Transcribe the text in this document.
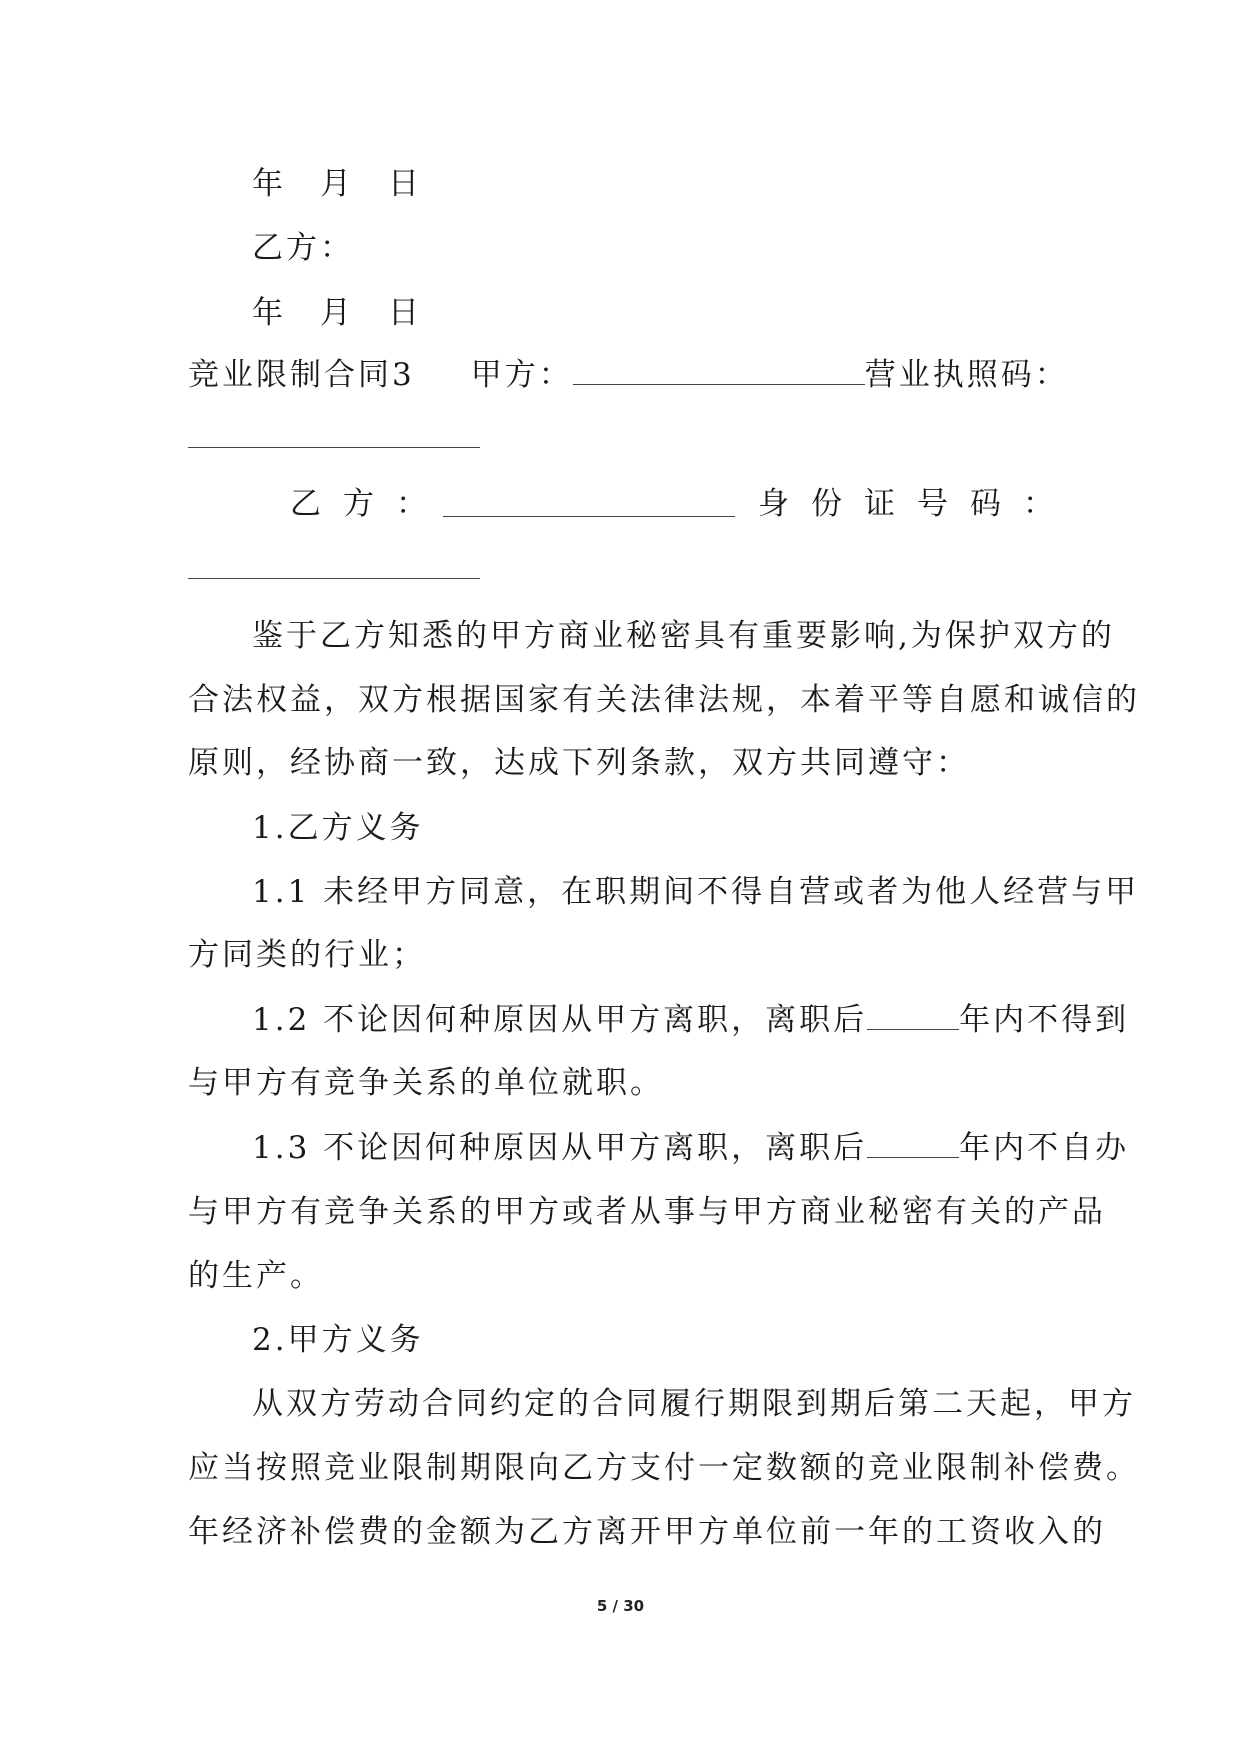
年　月　日
乙方：
年　月　日
竞业限制合同3 甲方：	营业执照码：
乙 方 ：	身 份 证 号 码 ：
鉴于乙方知悉的甲方商业秘密具有重要影响,为保护双方的
合法权益，双方根据国家有关法律法规，本着平等自愿和诚信的
原则，经协商一致，达成下列条款，双方共同遵守：
1.乙方义务
1.1 未经甲方同意，在职期间不得自营或者为他人经营与甲
方同类的行业；
1.2 不论因何种原因从甲方离职，离职后	年内不得到
与甲方有竞争关系的单位就职。
1.3 不论因何种原因从甲方离职，离职后	年内不自办
与甲方有竞争关系的甲方或者从事与甲方商业秘密有关的产品
的生产。
2.甲方义务
从双方劳动合同约定的合同履行期限到期后第二天起，甲方
应当按照竞业限制期限向乙方支付一定数额的竞业限制补偿费。
年经济补偿费的金额为乙方离开甲方单位前一年的工资收入的
5 / 30
